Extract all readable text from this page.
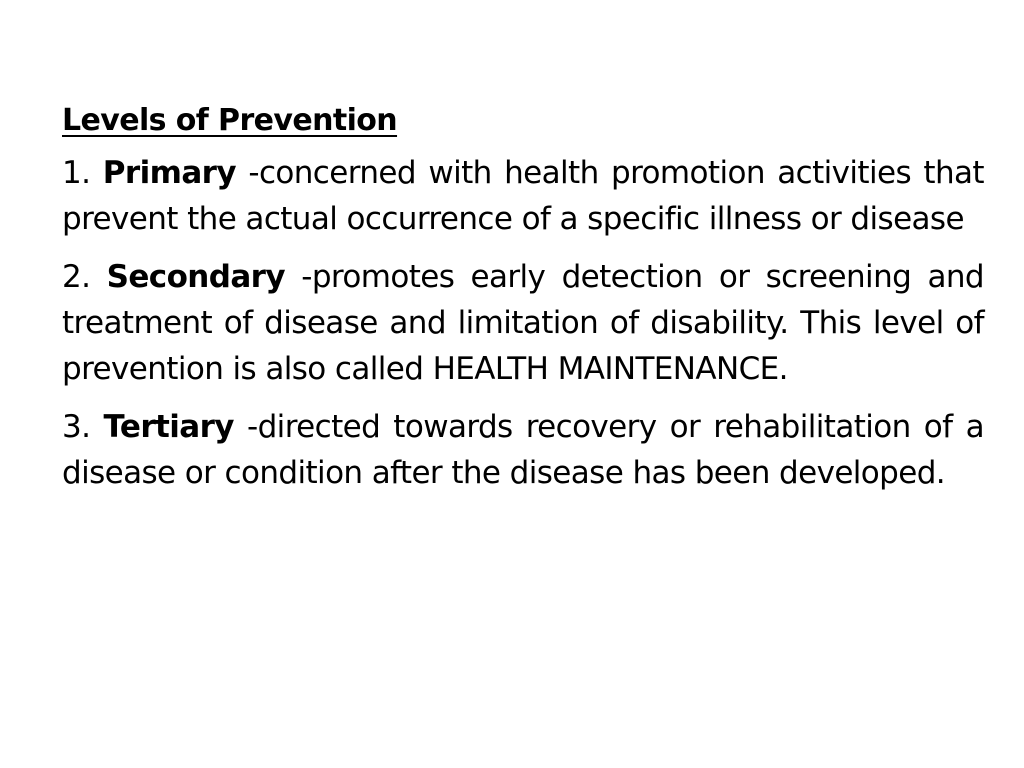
Levels of Prevention
1. Primary -concerned with health promotion activities that prevent the actual occurrence of a specific illness or disease
2. Secondary -promotes early detection or screening and treatment of disease and limitation of disability. This level of prevention is also called HEALTH MAINTENANCE.
3. Tertiary -directed towards recovery or rehabilitation of a disease or condition after the disease has been developed.
